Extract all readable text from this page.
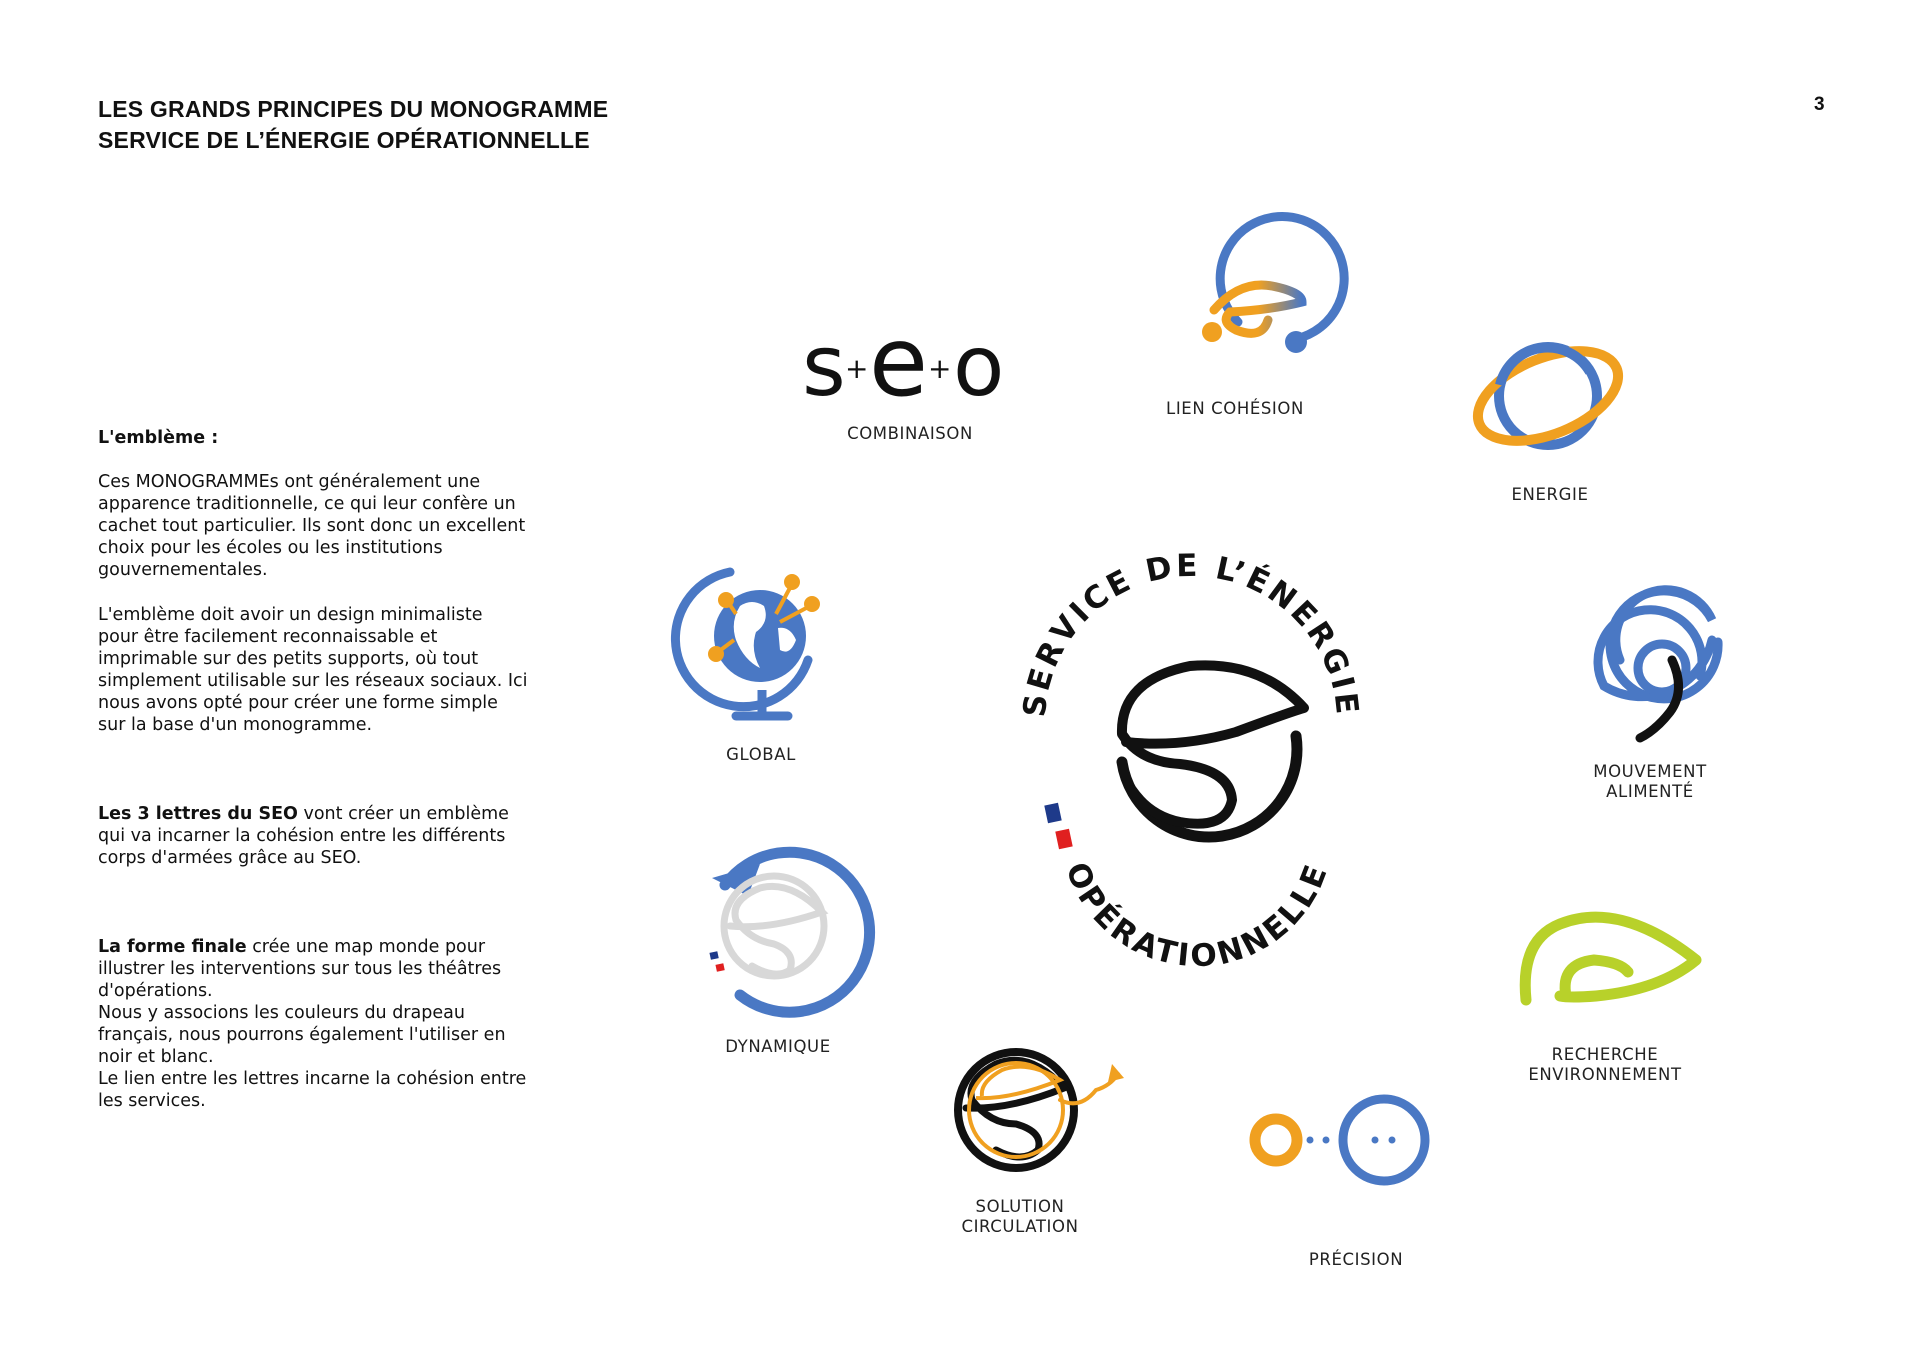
LES GRANDS PRINCIPES DU MONOGRAMME
SERVICE DE L’ÉNERGIE OPÉRATIONNELLE
3
L'emblème :

Ces MONOGRAMMEs ont généralement une apparence traditionnelle, ce qui leur confère un cachet tout particulier. Ils sont donc un excellent choix pour les écoles ou les institutions gouvernementales.

L'emblème doit avoir un design minimaliste pour être facilement reconnaissable et imprimable sur des petits supports, où tout simplement utilisable sur les réseaux sociaux. Ici nous avons opté pour créer une forme simple sur la base d'un monogramme.

Les 3 lettres du SEO vont créer un emblème qui va incarner la cohésion entre les différents corps d'armées grâce au SEO.

La forme finale crée une map monde pour illustrer les interventions sur tous les théâtres d'opérations.

Nous y associons les couleurs du drapeau français, nous pourrons également l'utiliser en noir et blanc.

Le lien entre les lettres incarne la cohésion entre les services.

SERVICE DE L’ÉNERGIE
OPÉRATIONNELLE
s + e + o
COMBINAISON
LIEN COHÉSION
ENERGIE
GLOBAL
MOUVEMENT
ALIMENTÉ
DYNAMIQUE	RECHERCHE
ENVIRONNEMENT
SOLUTION
CIRCULATION
PRÉCISION
